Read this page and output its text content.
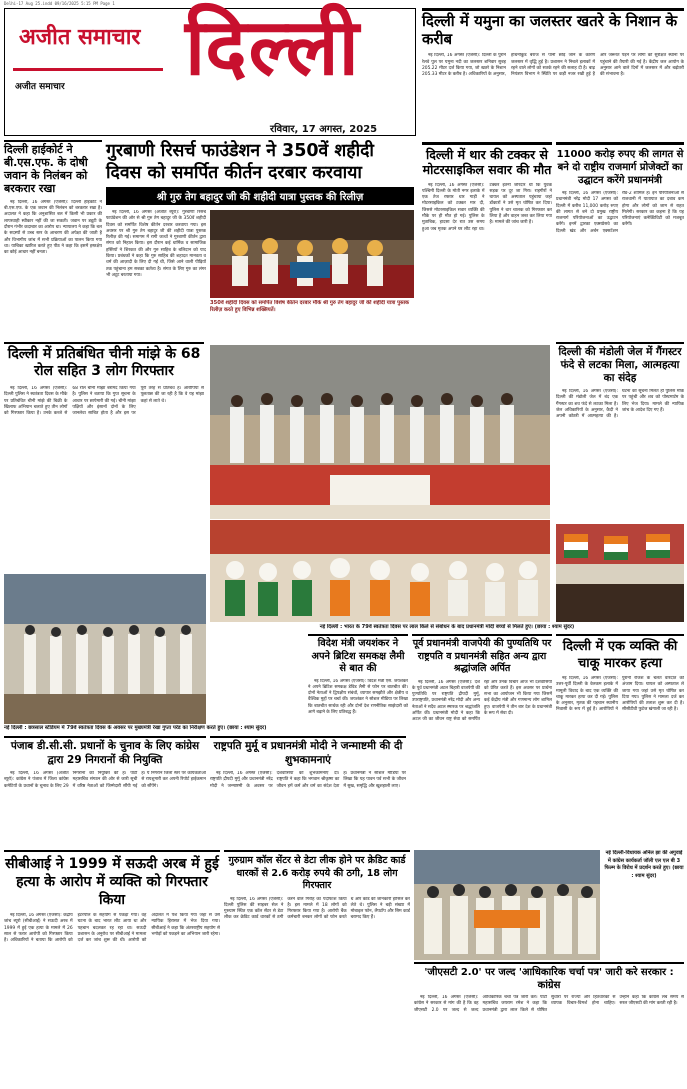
Delhi-17 Aug 25.indd 09/16/2025 5:15 PM Page 1
अजीत समाचार
अजीत समाचार दिल्ली
रविवार, 17 अगस्त, 2025
दिल्ली में यमुना का जलस्तर खतरे के निशान के करीब

नई दिल्ली, 16 अगस्त (एजेंसी): दिल्ली के पुराने रेलवे पुल पर यमुना नदी का जलस्तर शनिवार सुबह 205.22 मीटर दर्ज किया गया, जो खतरे के निशान 205.33 मीटर के करीब है। अधिकारियों के अनुसार, हथिनीकुंड बैराज से पानी छोड़े जाने के कारण जलस्तर में वृद्धि हुई है। प्रशासन ने निचले इलाकों में रहने वाले लोगों को सतर्क रहने की सलाह दी है। बाढ़ नियंत्रण विभाग ने स्थिति पर कड़ी नजर रखी हुई है और जरूरत पड़ने पर लोगों को सुरक्षित स्थानों पर पहुंचाने की तैयारी की गई है। केंद्रीय जल आयोग के अनुसार आने वाले दिनों में जलस्तर में और बढ़ोतरी की संभावना है।

दिल्ली हाईकोर्ट ने बी.एस.एफ. के दोषी जवान के निलंबन को बरकरार रखा

नई दिल्ली, 16 अगस्त (एजेंसी): दिल्ली हाईकोर्ट ने बी.एस.एफ. के एक जवान की निलंबन को बरकरार रखा है। अदालत ने कहा कि अनुशासित बल में किसी भी प्रकार की लापरवाही स्वीकार नहीं की जा सकती। जवान पर ड्यूटी के दौरान गंभीर कदाचार का आरोप था। न्यायालय ने कहा कि बल के सदस्यों से उच्च स्तर के आचरण की अपेक्षा की जाती है और विभागीय जांच में सभी प्रक्रियाओं का पालन किया गया था। याचिका खारिज करते हुए पीठ ने कहा कि इसमें हस्तक्षेप का कोई आधार नहीं बनता।

गुरबाणी रिसर्च फाउंडेशन ने 350वें शहीदी दिवस को समर्पित कीर्तन दरबार करवाया
श्री गुरु तेग बहादुर जी की शहीदी यात्रा पुस्तक की रिलीज़

नई दिल्ली, 16 अगस्त (अजीत ब्यूरो): गुरबाणी रिसर्च फाउंडेशन की ओर से श्री गुरु तेग बहादुर जी के 350वें शहीदी दिवस को समर्पित विशेष कीर्तन दरबार करवाया गया। इस अवसर पर श्री गुरु तेग बहादुर जी की शहीदी यात्रा पुस्तक रिलीज़ की गई। समागम में रागी जत्थों ने गुरबाणी कीर्तन द्वारा संगत को निहाल किया। इस दौरान कई धार्मिक व सामाजिक हस्तियों ने शिरकत की और गुरु साहिब के बलिदान को याद किया। प्रबंधकों ने कहा कि गुरु साहिब की शहादत मानवता व धर्म की आज़ादी के लिए दी गई थी, जिसे आने वाली पीढ़ियों तक पहुंचाना हम सबका कर्तव्य है। संगत के लिए गुरु का लंगर भी अटूट बरताया गया।

350वें शहीदी दिवस को समर्पित विशेष कीर्तन दरबार मौके श्री गुरु तेग बहादुर जी की शहीदी यात्रा पुस्तक रिलीज़ करते हुए विभिन्न शख्सियतें।
दिल्ली में थार की टक्कर से मोटरसाइकिल सवार की मौत

नई दिल्ली, 16 अगस्त (एजेंसी): पश्चिमी दिल्ली के मोती नगर इलाके में एक तेज रफ्तार थार गाड़ी ने मोटरसाइकिल को टक्कर मार दी, जिससे मोटरसाइकिल सवार व्यक्ति की मौके पर ही मौत हो गई। पुलिस के मुताबिक, हादसा देर रात उस समय हुआ जब मृतक अपने घर लौट रहा था। टक्कर इतनी जोरदार थी कि युवक सड़क पर दूर जा गिरा। राहगीरों ने घायल को अस्पताल पहुंचाया जहां डॉक्टरों ने उसे मृत घोषित कर दिया। पुलिस ने थार चालक को गिरफ्तार कर लिया है और वाहन जब्त कर लिया गया है। मामले की जांच जारी है।

11000 करोड़ रुपए की लागत से बने दो राष्ट्रीय राजमार्ग प्रोजेक्टों का उद्घाटन करेंगे प्रधानमंत्री

नई दिल्ली, 16 अगस्त (एजेंसी): प्रधानमंत्री नरेंद्र मोदी 17 अगस्त को दिल्ली में करीब 11,000 करोड़ रुपए की लागत से बने दो प्रमुख राष्ट्रीय राजमार्ग परियोजनाओं का उद्घाटन करेंगे। इनमें द्वारका एक्सप्रेसवे का दिल्ली खंड और अर्बन एक्सटेंशन रोड-2 शामिल हैं। इन परियोजनाओं से राजधानी में यातायात का दबाव कम होगा और लोगों को जाम से राहत मिलेगी। सरकार का कहना है कि यह परियोजनाएं कनेक्टिविटी को मजबूत करेंगी।

दिल्ली में प्रतिबंधित चीनी मांझे के 68 रोल सहित 3 लोग गिरफ्तार

नई दिल्ली, 16 अगस्त (एजेंसी): दिल्ली पुलिस ने स्वतंत्रता दिवस के मौके पर प्रतिबंधित चीनी मांझे की बिक्री के खिलाफ अभियान चलाते हुए तीन लोगों को गिरफ्तार किया है। उनके कब्जे से 68 रोल चीनी मांझा बरामद किया गया है। पुलिस ने बताया कि गुप्त सूचना के आधार पर छापेमारी की गई। चीनी मांझा पक्षियों और इंसानों दोनों के लिए जानलेवा साबित होता है और इस पर पूरी तरह से प्रतिबंध है। आरोपियों से पूछताछ की जा रही है कि वे यह मांझा कहां से लाते थे।

नई दिल्ली : भारत के 79वें स्वतंत्रता दिवस पर लाल किले से संबोधन के बाद प्रधानमंत्री मोदी बच्चों से मिलते हुए। (छाया : श्याम सुंदर)
दिल्ली की मंडोली जेल में गैंगस्टर फंदे से लटका मिला, आत्महत्या का संदेह

नई दिल्ली, 16 अगस्त (एजेंसी): दिल्ली की मंडोली जेल में बंद एक गैंगस्टर का शव फंदे से लटका मिला है। जेल अधिकारियों के अनुसार, कैदी ने अपनी कोठरी में आत्महत्या की है। घटना की सूचना मिलते ही पुलिस मौके पर पहुंची और शव को पोस्टमार्टम के लिए भेज दिया। मामले की न्यायिक जांच के आदेश दिए गए हैं।

नई दिल्ली : छत्रसाल स्टेडियम में 79वें स्वतंत्रता दिवस के अवसर पर मुख्यमंत्री रेखा गुप्ता परेड का निरीक्षण करते हुए। (छाया : श्याम सुंदर)
विदेश मंत्री जयशंकर ने अपने ब्रिटिश समकक्ष लैमी से बात की

नई दिल्ली, 16 अगस्त (एजेंसी): विदेश मंत्री एस. जयशंकर ने अपने ब्रिटिश समकक्ष डेविड लैमी से फोन पर बातचीत की। दोनों नेताओं ने द्विपक्षीय संबंधों, व्यापार समझौते और क्षेत्रीय व वैश्विक मुद्दों पर चर्चा की। जयशंकर ने सोशल मीडिया पर लिखा कि बातचीत सार्थक रही और दोनों देश रणनीतिक साझेदारी को आगे बढ़ाने के लिए प्रतिबद्ध हैं।

पूर्व प्रधानमंत्री वाजपेयी की पुण्यतिथि पर राष्ट्रपति व प्रधानमंत्री सहित अन्य द्वारा श्रद्धांजलि अर्पित

नई दिल्ली, 16 अगस्त (एजेंसी): देश के पूर्व प्रधानमंत्री अटल बिहारी वाजपेयी की पुण्यतिथि पर राष्ट्रपति द्रौपदी मुर्मू, उपराष्ट्रपति, प्रधानमंत्री नरेंद्र मोदी और अन्य नेताओं ने सदैव अटल स्मारक पर श्रद्धांजलि अर्पित की। प्रधानमंत्री मोदी ने कहा कि अटल जी का जीवन राष्ट्र सेवा को समर्पित रहा और उनके विचार आज भी देशवासियों को प्रेरित करते हैं। इस अवसर पर प्रार्थना सभा का आयोजन भी किया गया जिसमें कई केंद्रीय मंत्री और गणमान्य लोग शामिल हुए। वाजपेयी ने तीन बार देश के प्रधानमंत्री के रूप में सेवा दी।

दिल्ली में एक व्यक्ति की चाकू मारकर हत्या

नई दिल्ली, 16 अगस्त (एजेंसी): उत्तर-पूर्वी दिल्ली के वेलकम इलाके में मामूली विवाद के बाद एक व्यक्ति की चाकू मारकर हत्या कर दी गई। पुलिस के अनुसार, मृतक की पहचान स्थानीय निवासी के रूप में हुई है। आरोपियों ने पुरानी रंजिश के चलते वारदात को अंजाम दिया। घायल को अस्पताल ले जाया गया जहां उसे मृत घोषित कर दिया गया। पुलिस ने मामला दर्ज कर आरोपियों की तलाश शुरू कर दी है। सीसीटीवी फुटेज खंगाली जा रही है।

पंजाब डी.सी.सी. प्रधानों के चुनाव के लिए कांग्रेस द्वारा 29 निगरानों की नियुक्ति

नई दिल्ली, 16 अगस्त (अजीत ब्यूरो): कांग्रेस ने पंजाब में जिला कांग्रेस कमेटियों के प्रधानों के चुनाव के लिए 29 निगरानों की नियुक्ति की है। पार्टी महासचिव संगठन की ओर से जारी सूची में वरिष्ठ नेताओं को जिम्मेदारी सौंपी गई है। ये निगरान जिला स्तर पर कार्यकर्ताओं से रायशुमारी कर अपनी रिपोर्ट हाईकमान को सौंपेंगे।

राष्ट्रपति मुर्मू व प्रधानमंत्री मोदी ने जन्माष्टमी की दी शुभकामनाएं

नई दिल्ली, 16 अगस्त (एजेंसी): राष्ट्रपति द्रौपदी मुर्मू और प्रधानमंत्री नरेंद्र मोदी ने जन्माष्टमी के अवसर पर देशवासियों को शुभकामनाएं दीं। राष्ट्रपति ने कहा कि भगवान श्रीकृष्ण का जीवन हमें कर्म और धर्म का संदेश देता है। प्रधानमंत्री ने सोशल मीडिया पर लिखा कि यह पावन पर्व सभी के जीवन में सुख, समृद्धि और खुशहाली लाए।

सीबीआई ने 1999 में सऊदी अरब में हुई हत्या के आरोप में व्यक्ति को गिरफ्तार किया

नई दिल्ली, 16 अगस्त (एजेंसी): केंद्रीय जांच ब्यूरो (सीबीआई) ने सऊदी अरब में 1999 में हुई एक हत्या के मामले में 26 साल से फरार आरोपी को गिरफ्तार किया है। अधिकारियों ने बताया कि आरोपी को इंटरपोल के सहयोग से पकड़ा गया। वह घटना के बाद भारत लौट आया था और पहचान बदलकर रह रहा था। सऊदी प्रशासन के अनुरोध पर सीबीआई ने मामला दर्ज कर जांच शुरू की थी। आरोपी को अदालत में पेश किया गया जहां से उसे न्यायिक हिरासत में भेज दिया गया। सीबीआई ने कहा कि अंतरराष्ट्रीय सहयोग से भगोड़ों को पकड़ने का अभियान जारी रहेगा।

गुरुग्राम कॉल सेंटर से डेटा लीक होने पर क्रेडिट कार्ड धारकों से 2.6 करोड़ रुपये की ठगी, 18 लोग गिरफ्तार

नई दिल्ली, 16 अगस्त (एजेंसी): दिल्ली पुलिस की साइबर सेल ने गुरुग्राम स्थित एक कॉल सेंटर से डेटा लीक कर क्रेडिट कार्ड धारकों से ठगी करने वाले गिरोह का पर्दाफाश किया है। इस मामले में 18 लोगों को गिरफ्तार किया गया है। आरोपी बैंक कर्मचारी बनकर लोगों को फोन करते थे और कार्ड की जानकारी हासिल कर लेते थे। पुलिस ने बड़ी संख्या में मोबाइल फोन, लैपटॉप और सिम कार्ड बरामद किए हैं।

नई दिल्ली-विधायक अनिल झा की अगुवाई में कांग्रेस कार्यकर्ता जॉली एल एल बी 3 फिल्म के विरोध में प्रदर्शन करते हुए। (छाया : श्याम सुंदर)
'जीएसटी 2.0' पर जल्द 'आधिकारिक चर्चा पत्र' जारी करे सरकार : कांग्रेस

नई दिल्ली, 16 अगस्त (एजेंसी): कांग्रेस ने सरकार से मांग की है कि वह जीएसटी 2.0 पर जल्द से जल्द आधिकारिक चर्चा पत्र जारी करे। पार्टी महासचिव जयराम रमेश ने कहा कि प्रधानमंत्री द्वारा लाल किले से घोषित सुधारों पर राज्यों और हितधारकों से व्यापक विचार-विमर्श होना चाहिए। उन्होंने कहा कि कांग्रेस लंबे समय से सरल जीएसटी की मांग करती रही है।
